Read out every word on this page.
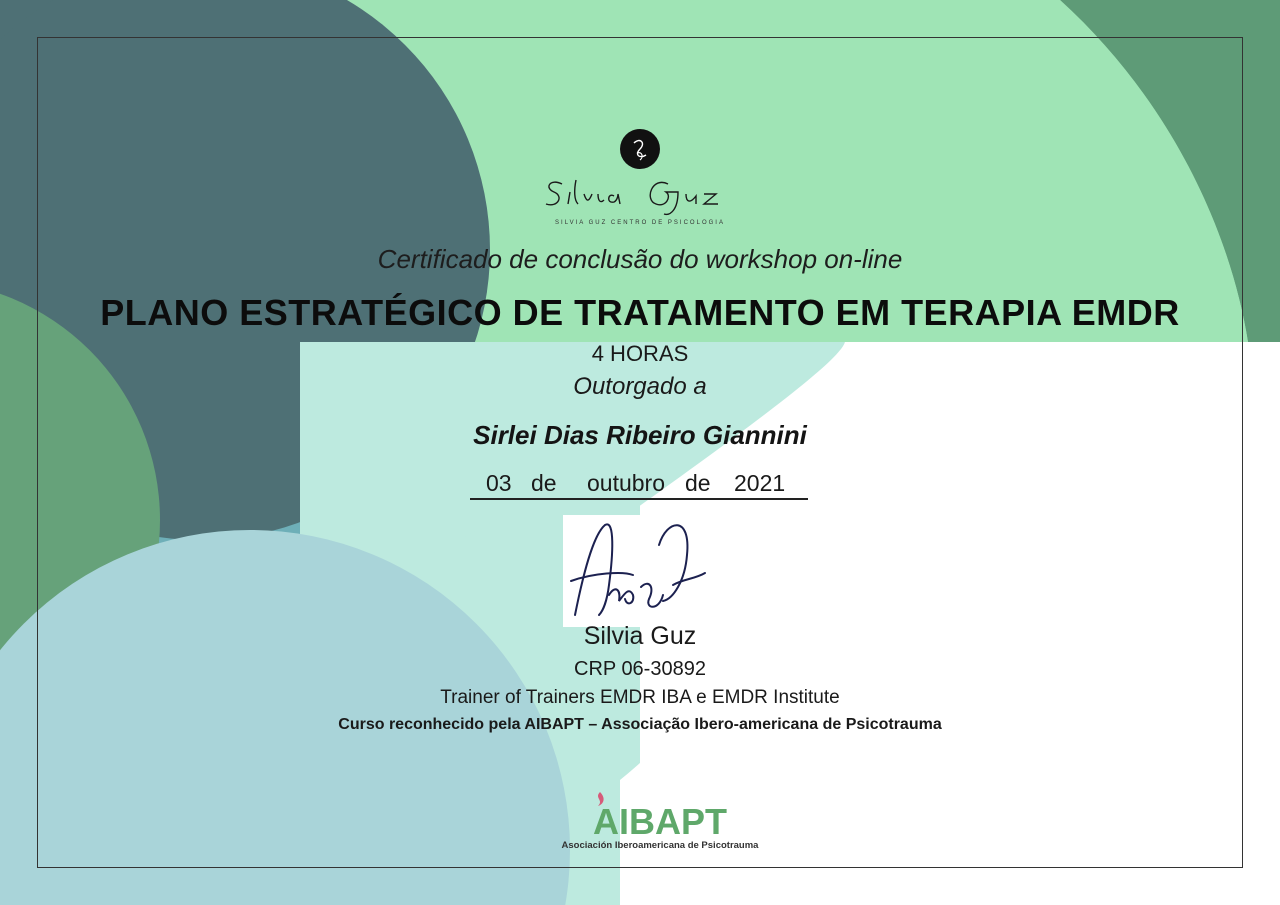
SILVIA GUZ CENTRO DE PSICOLOGIA
Certificado de conclusão do workshop on-line
PLANO ESTRATÉGICO DE TRATAMENTO EM TERAPIA EMDR
4 HORAS
Outorgado a
Sirlei Dias Ribeiro Giannini
03 de outubro de 2021
Silvia Guz
CRP 06-30892
Trainer of Trainers EMDR IBA e EMDR Institute
Curso reconhecido pela AIBAPT – Associação Ibero-americana de Psicotrauma
AIBAPT
Asociación Iberoamericana de Psicotrauma
